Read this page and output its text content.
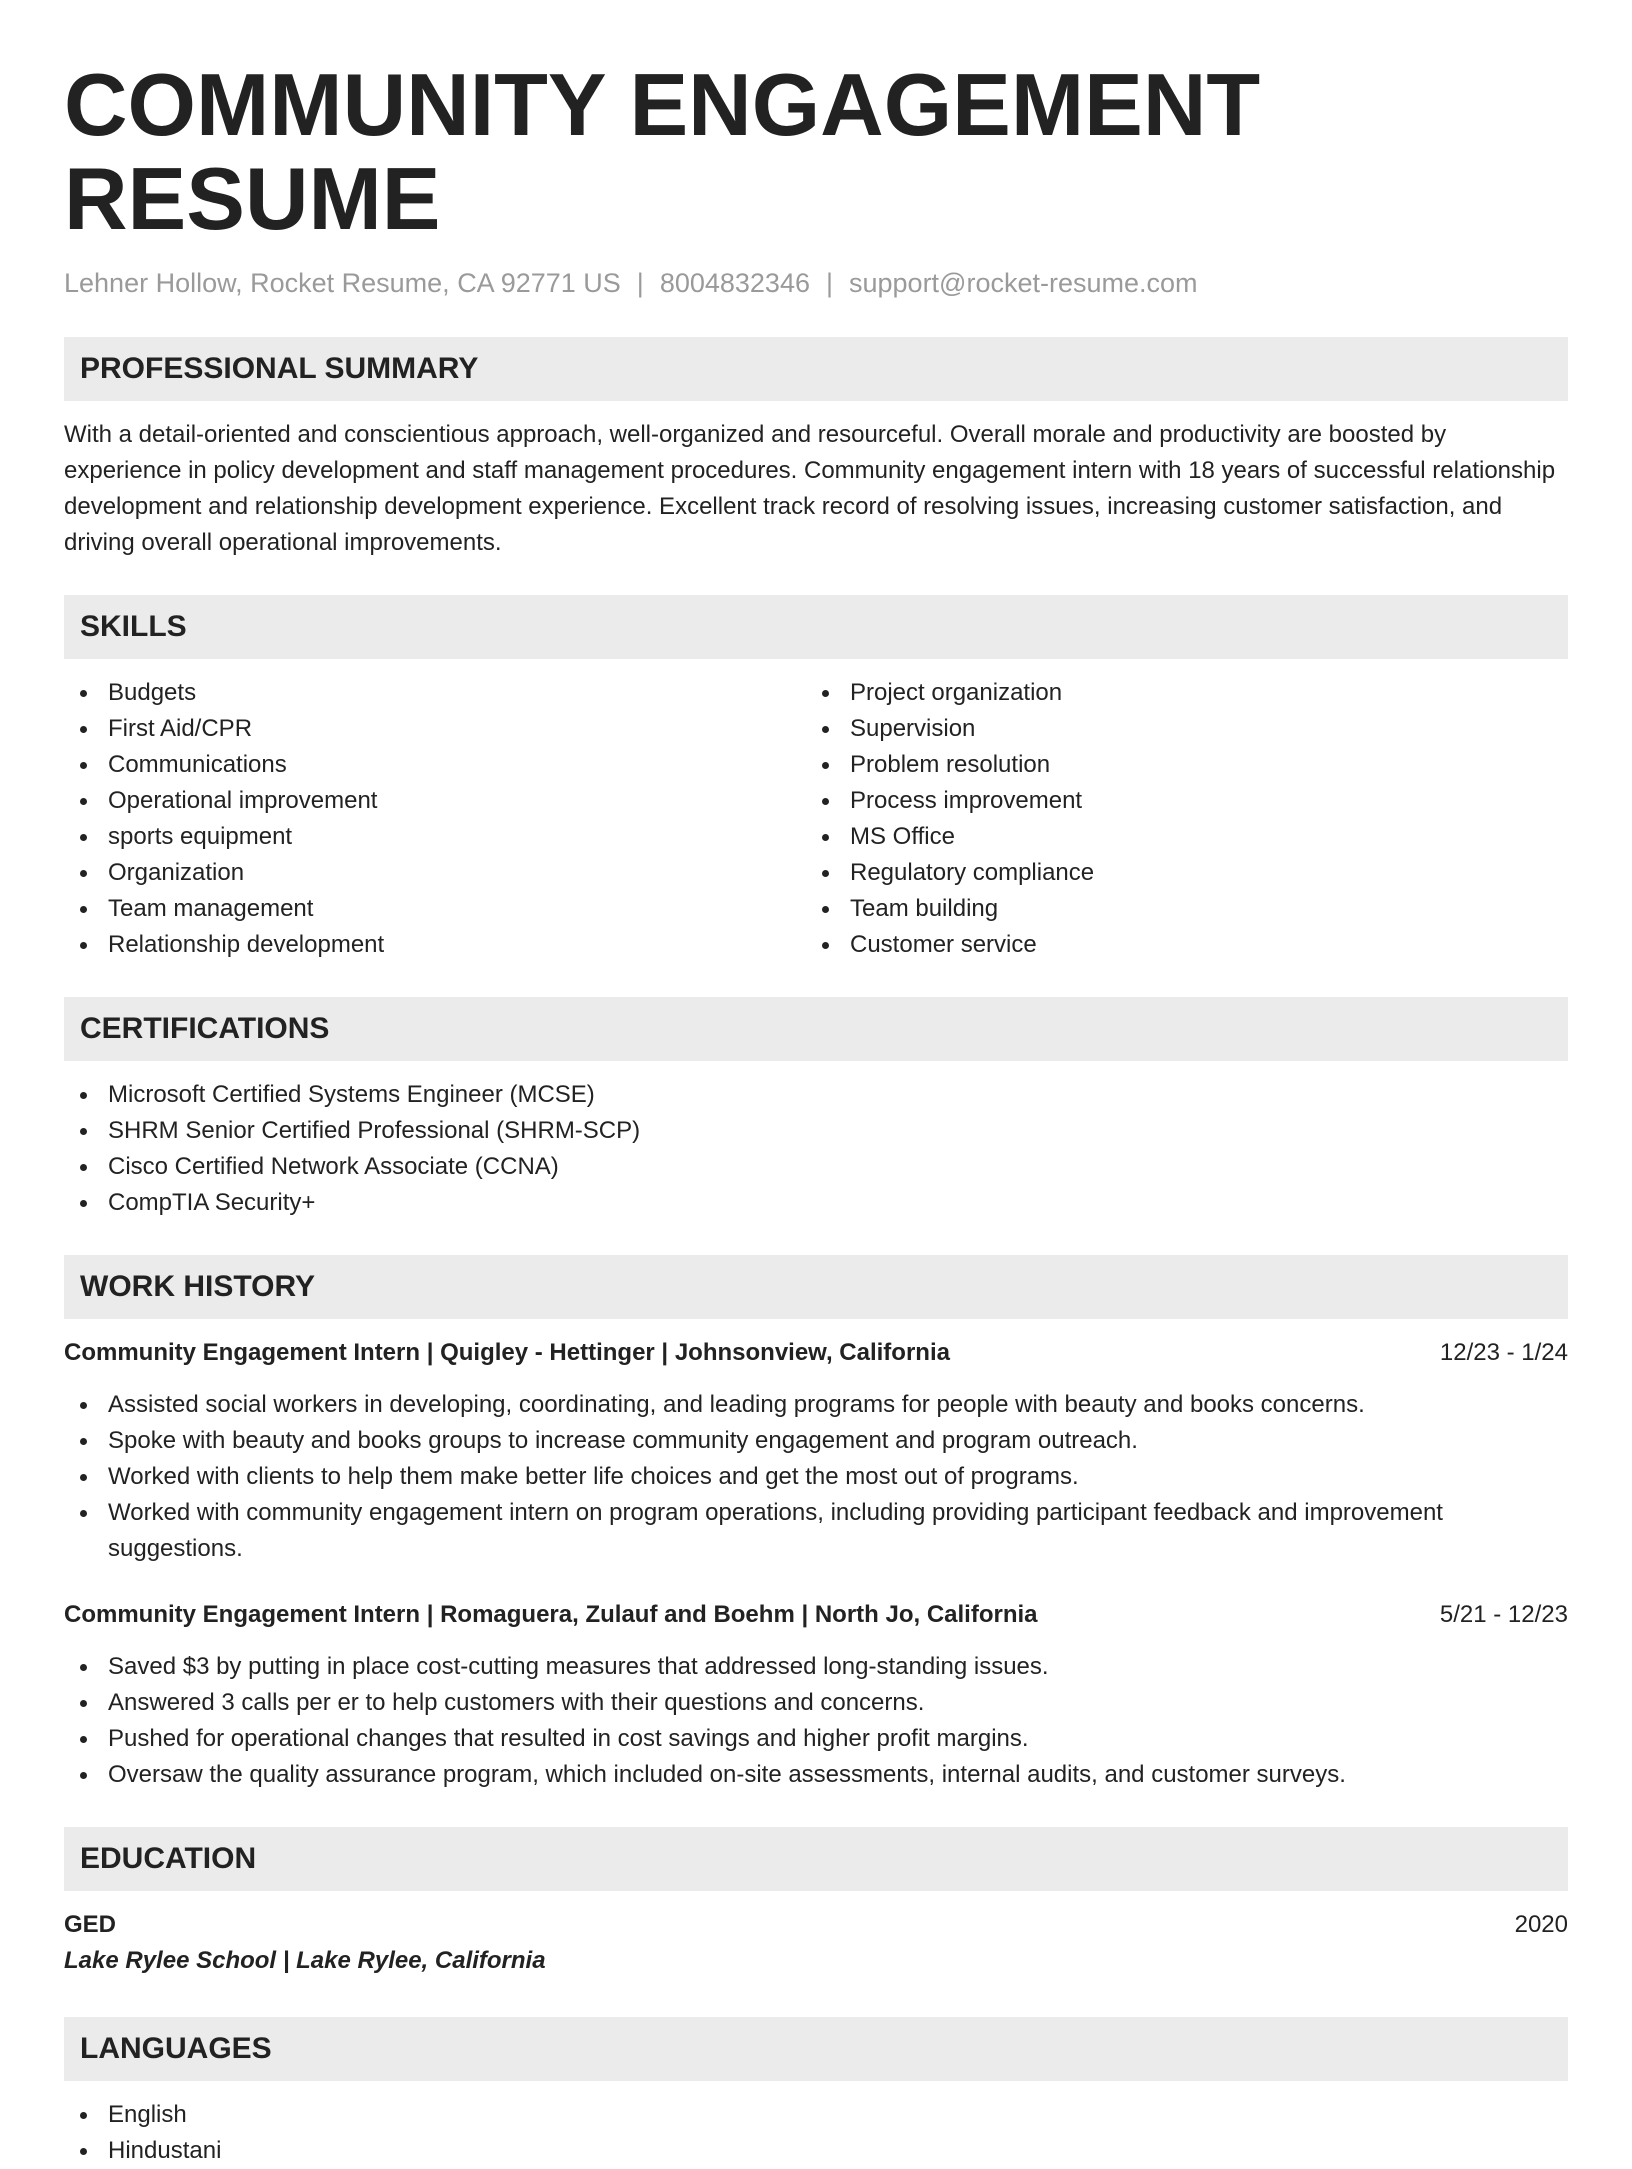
COMMUNITY ENGAGEMENT RESUME
Lehner Hollow, Rocket Resume, CA 92771 US | 8004832346 | support@rocket-resume.com
PROFESSIONAL SUMMARY
With a detail-oriented and conscientious approach, well-organized and resourceful. Overall morale and productivity are boosted by experience in policy development and staff management procedures. Community engagement intern with 18 years of successful relationship development and relationship development experience. Excellent track record of resolving issues, increasing customer satisfaction, and driving overall operational improvements.
SKILLS
Budgets
First Aid/CPR
Communications
Operational improvement
sports equipment
Organization
Team management
Relationship development
Project organization
Supervision
Problem resolution
Process improvement
MS Office
Regulatory compliance
Team building
Customer service
CERTIFICATIONS
Microsoft Certified Systems Engineer (MCSE)
SHRM Senior Certified Professional (SHRM-SCP)
Cisco Certified Network Associate (CCNA)
CompTIA Security+
WORK HISTORY
Community Engagement Intern | Quigley - Hettinger | Johnsonview, California	12/23 - 1/24
Assisted social workers in developing, coordinating, and leading programs for people with beauty and books concerns.
Spoke with beauty and books groups to increase community engagement and program outreach.
Worked with clients to help them make better life choices and get the most out of programs.
Worked with community engagement intern on program operations, including providing participant feedback and improvement suggestions.
Community Engagement Intern | Romaguera, Zulauf and Boehm | North Jo, California	5/21 - 12/23
Saved $3 by putting in place cost-cutting measures that addressed long-standing issues.
Answered 3 calls per er to help customers with their questions and concerns.
Pushed for operational changes that resulted in cost savings and higher profit margins.
Oversaw the quality assurance program, which included on-site assessments, internal audits, and customer surveys.
EDUCATION
GED	2020
Lake Rylee School | Lake Rylee, California
LANGUAGES
English
Hindustani
